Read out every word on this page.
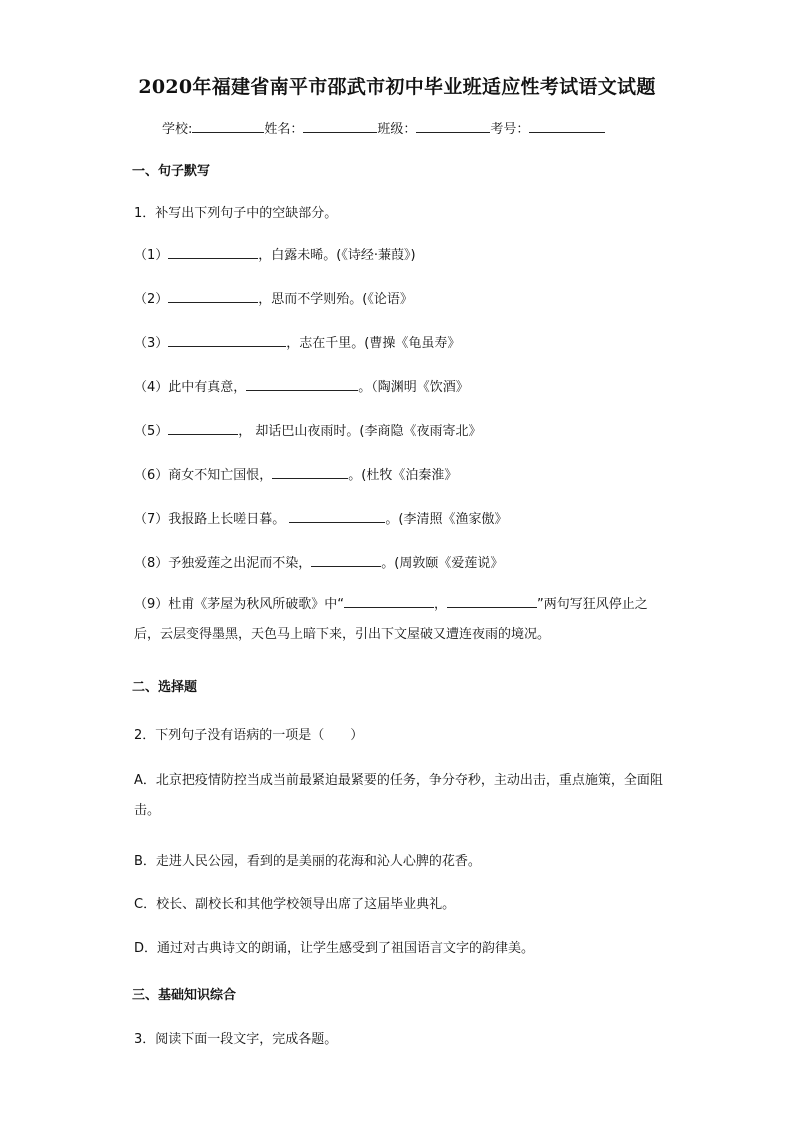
2020年福建省南平市邵武市初中毕业班适应性考试语文试题
学校:	姓名：	班级：	考号：
一、句子默写
1．补写出下列句子中的空缺部分。
（1）	，白露未晞。(《诗经·蒹葭》)
（2）	，思而不学则殆。(《论语》
（3）	，志在千里。(曹操《龟虽寿》
（4）此中有真意，	。（陶渊明《饮酒》
（5）	， 却话巴山夜雨时。(李商隐《夜雨寄北》
（6）商女不知亡国恨，	。(杜牧《泊秦淮》
（7）我报路上长嗟日暮。	。(李清照《渔家傲》
（8）予独爱莲之出泥而不染，	。(周敦颐《爱莲说》
（9）杜甫《茅屋为秋风所破歌》中“	，	”两句写狂风停止之后，云层变得墨黑，天色马上暗下来，引出下文屋破又遭连夜雨的境况。
二、选择题
2．下列句子没有语病的一项是（　　）
A．北京把疫情防控当成当前最紧迫最紧要的任务，争分夺秒，主动出击，重点施策，全面阻击。
B．走进人民公园，看到的是美丽的花海和沁人心脾的花香。
C．校长、副校长和其他学校领导出席了这届毕业典礼。
D．通过对古典诗文的朗诵，让学生感受到了祖国语言文字的韵律美。
三、基础知识综合
3．阅读下面一段文字，完成各题。
